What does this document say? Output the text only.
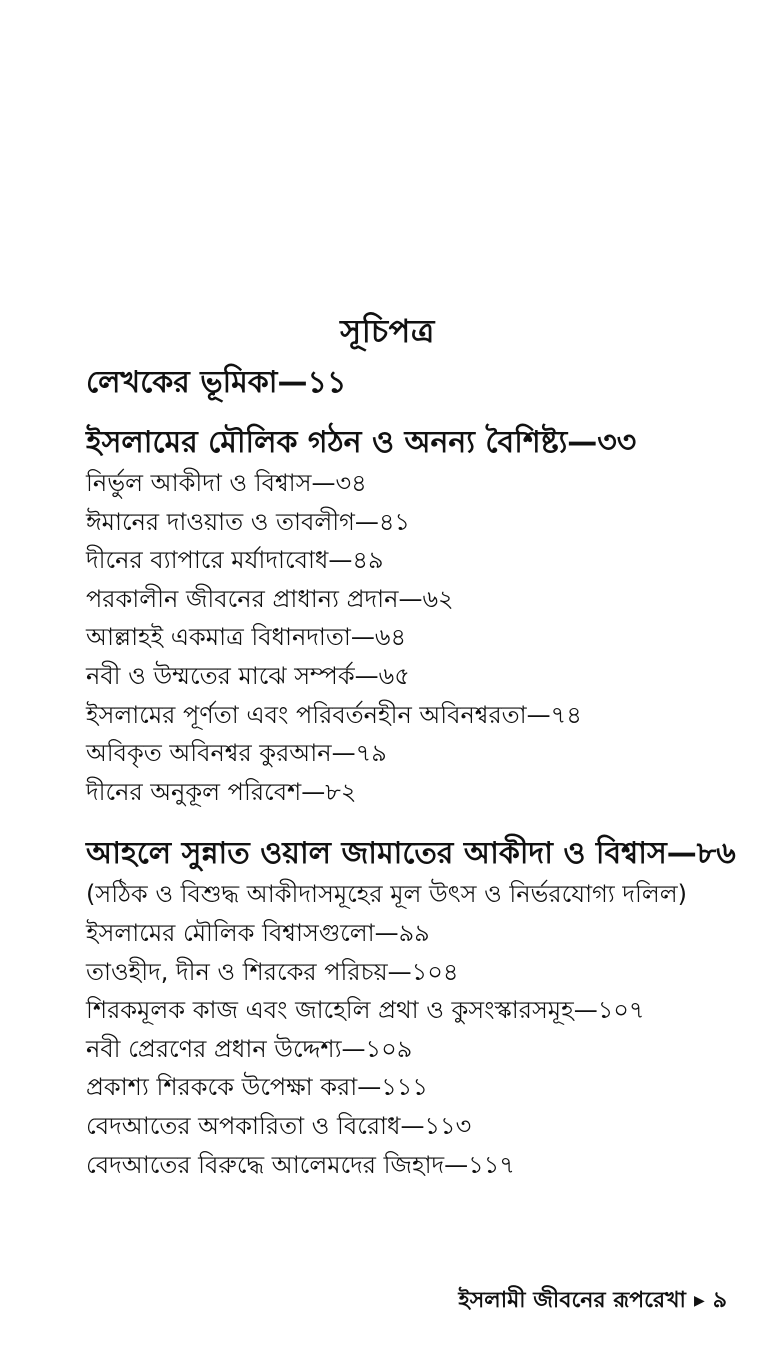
সূচিপত্র
লেখকের ভূমিকা—১১
ইসলামের মৌলিক গঠন ও অনন্য বৈশিষ্ট্য—৩৩
নির্ভুল আকীদা ও বিশ্বাস—৩৪
ঈমানের দাওয়াত ও তাবলীগ—৪১
দীনের ব্যাপারে মর্যাদাবোধ—৪৯
পরকালীন জীবনের প্রাধান্য প্রদান—৬২
আল্লাহই একমাত্র বিধানদাতা—৬৪
নবী ও উম্মতের মাঝে সম্পর্ক—৬৫
ইসলামের পূর্ণতা এবং পরিবর্তনহীন অবিনশ্বরতা—৭৪
অবিকৃত অবিনশ্বর কুরআন—৭৯
দীনের অনুকূল পরিবেশ—৮২
আহলে সুন্নাত ওয়াল জামাতের আকীদা ও বিশ্বাস—৮৬
(সঠিক ও বিশুদ্ধ আকীদাসমূহের মূল উৎস ও নির্ভরযোগ্য দলিল)
ইসলামের মৌলিক বিশ্বাসগুলো—৯৯
তাওহীদ, দীন ও শিরকের পরিচয়—১০৪
শিরকমূলক কাজ এবং জাহেলি প্রথা ও কুসংস্কারসমূহ—১০৭
নবী প্রেরণের প্রধান উদ্দেশ্য—১০৯
প্রকাশ্য শিরককে উপেক্ষা করা—১১১
বেদআতের অপকারিতা ও বিরোধ—১১৩
বেদআতের বিরুদ্ধে আলেমদের জিহাদ—১১৭
ইসলামী জীবনের রূপরেখা ▶ ৯
